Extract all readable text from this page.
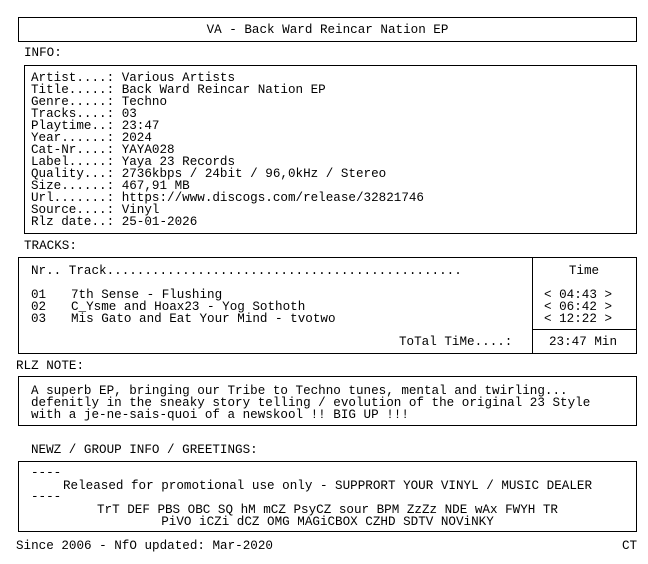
VA - Back Ward Reincar Nation EP
INFO:
Artist....: Various Artists
Title.....: Back Ward Reincar Nation EP
Genre.....: Techno
Tracks....: 03
Playtime..: 23:47
Year......: 2024
Cat-Nr....: YAYA028
Label.....: Yaya 23 Records
Quality...: 2736kbps / 24bit / 96,0kHz / Stereo
Size......: 467,91 MB
Url.......: https://www.discogs.com/release/32821746
Source....: Vinyl
Rlz date..: 25-01-2026
TRACKS:
Nr.. Track...............................................	Time
01 7th Sense - Flushing	< 04:43 >
02 C_Ysme and Hoax23 - Yog Sothoth	< 06:42 >
03 Mis Gato and Eat Your Mind - tvotwo	< 12:22 >
ToTal TiMe....:	23:47 Min
RLZ NOTE:
A superb EP, bringing our Tribe to Techno tunes, mental and twirling...
defenitly in the sneaky story telling / evolution of the original 23 Style
with a je-ne-sais-quoi of a newskool !! BIG UP !!!
NEWZ / GROUP INFO / GREETINGS:
----
Released for promotional use only - SUPPRORT YOUR VINYL / MUSIC DEALER
----
TrT DEF PBS OBC SQ hM mCZ PsyCZ sour BPM ZzZz NDE wAx FWYH TR
PiVO iCZi dCZ OMG MAGiCBOX CZHD SDTV NOViNKY
Since 2006 - NfO updated: Mar-2020	CT
